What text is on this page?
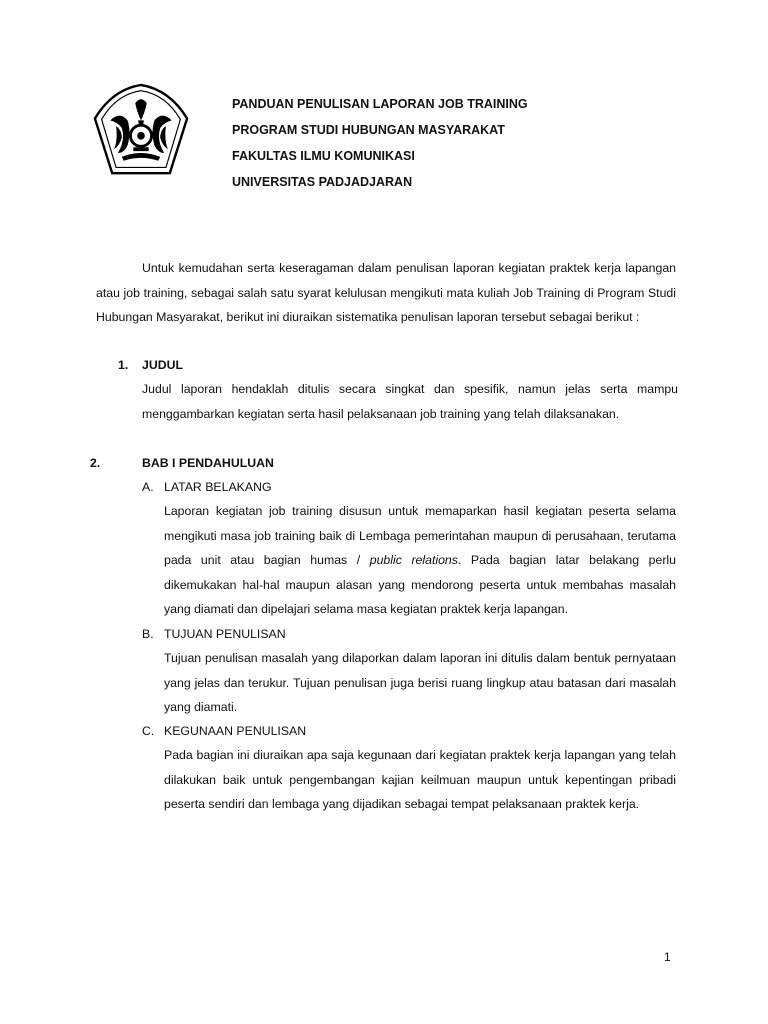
PANDUAN PENULISAN LAPORAN JOB TRAINING
PROGRAM STUDI HUBUNGAN MASYARAKAT
FAKULTAS ILMU KOMUNIKASI
UNIVERSITAS PADJADJARAN
Untuk kemudahan serta keseragaman dalam penulisan laporan kegiatan praktek kerja lapangan atau job training, sebagai salah satu syarat kelulusan mengikuti mata kuliah Job Training di Program Studi Hubungan Masyarakat, berikut ini diuraikan sistematika penulisan laporan tersebut sebagai berikut :
1. JUDUL
Judul laporan hendaklah ditulis secara singkat dan spesifik, namun jelas serta mampu menggambarkan kegiatan serta hasil pelaksanaan job training yang telah dilaksanakan.
2.	BAB I PENDAHULUAN
A. LATAR BELAKANG
Laporan kegiatan job training disusun untuk memaparkan hasil kegiatan peserta selama mengikuti masa job training baik di Lembaga pemerintahan maupun di perusahaan, terutama pada unit atau bagian humas / public relations. Pada bagian latar belakang perlu dikemukakan hal-hal maupun alasan yang mendorong peserta untuk membahas masalah yang diamati dan dipelajari selama masa kegiatan praktek kerja lapangan.
B. TUJUAN PENULISAN
Tujuan penulisan masalah yang dilaporkan dalam laporan ini ditulis dalam bentuk pernyataan yang jelas dan terukur. Tujuan penulisan juga berisi ruang lingkup atau batasan dari masalah yang diamati.
C. KEGUNAAN PENULISAN
Pada bagian ini diuraikan apa saja kegunaan dari kegiatan praktek kerja lapangan yang telah dilakukan baik untuk pengembangan kajian keilmuan maupun untuk kepentingan pribadi peserta sendiri dan lembaga yang dijadikan sebagai tempat pelaksanaan praktek kerja.
1
